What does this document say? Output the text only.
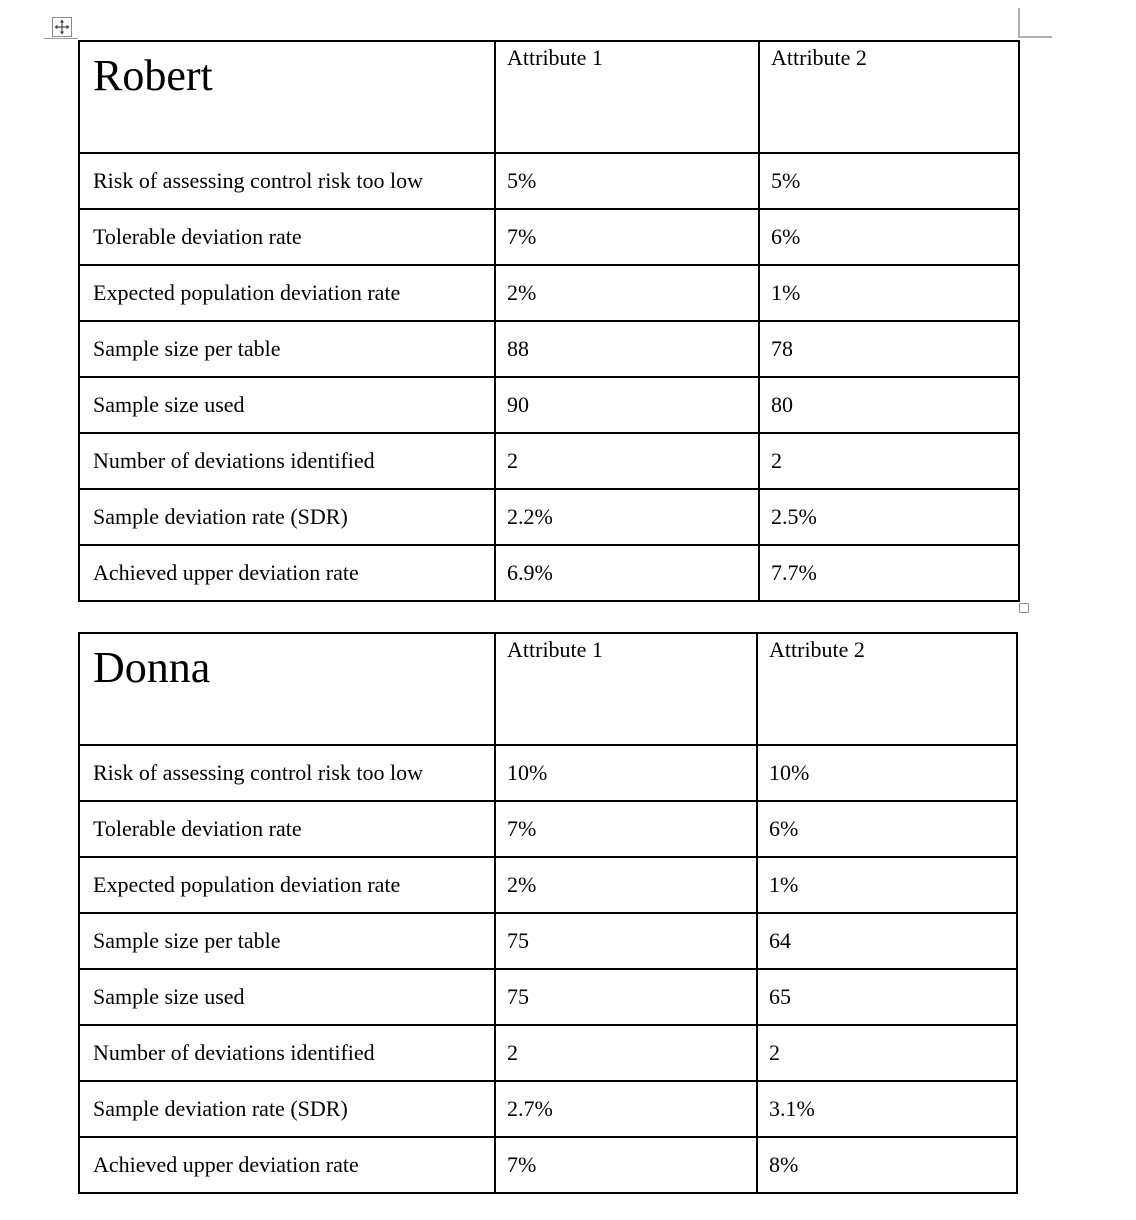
Robert	Attribute 1	Attribute 2

Risk of assessing control risk too low	5%	5%

Tolerable deviation rate	7%	6%

Expected population deviation rate	2%	1%

Sample size per table	88	78

Sample size used	90	80

Number of deviations identified	2	2

Sample deviation rate (SDR)	2.2%	2.5%

Achieved upper deviation rate	6.9%	7.7%
Donna	Attribute 1	Attribute 2

Risk of assessing control risk too low	10%	10%

Tolerable deviation rate	7%	6%

Expected population deviation rate	2%	1%

Sample size per table	75	64

Sample size used	75	65

Number of deviations identified	2	2

Sample deviation rate (SDR)	2.7%	3.1%

Achieved upper deviation rate	7%	8%
